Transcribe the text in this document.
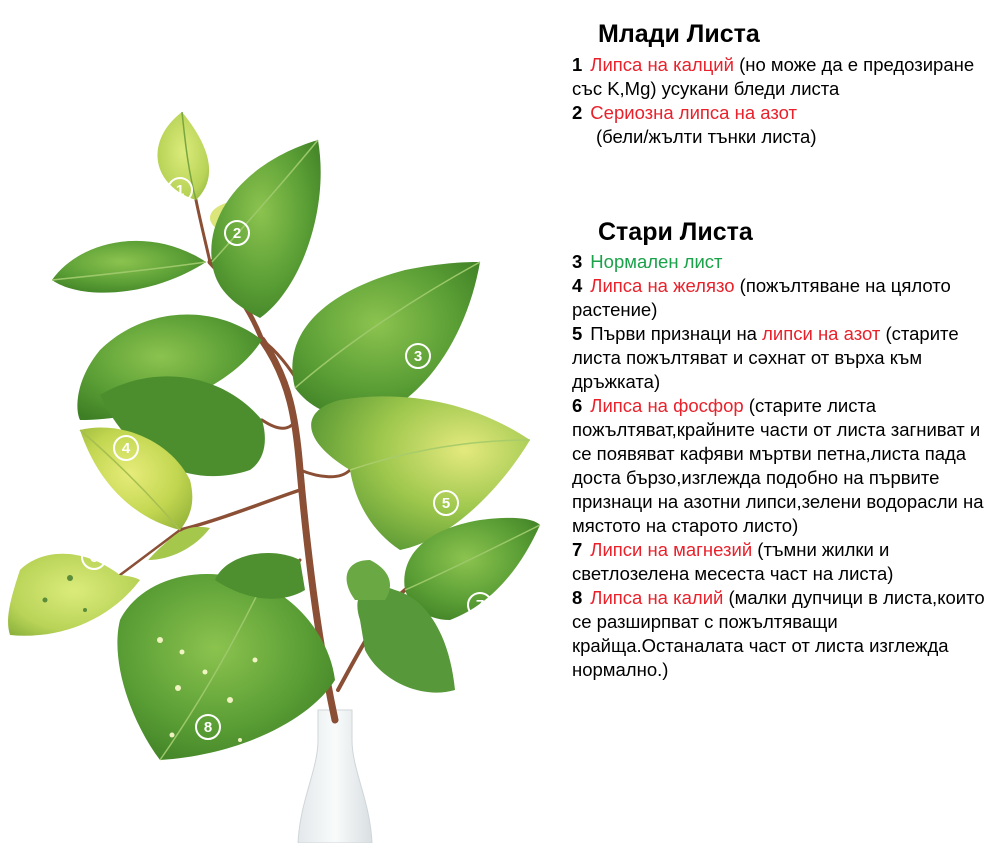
1
2
3
4
5
6
7
8
Млади Листа

1 Липса на калций (но може да е предозиране със K,Mg) усукани бледи листа

2 Сериозна липса на азот
(бели/жълти тънки листа)

Стари Листа

3 Нормален лист

4 Липса на желязо (пожълтяване на цялото растение)

5 Първи признаци на липси на азот (старите листа пожълтяват и сəхнат от върха към дръжката)

6 Липса на фосфор (старите листа пожълтяват,крайните части от листа загниват и се появяват кафяви мъртви петна,листа пада доста бързо,изглежда подобно на първите признаци на азотни липси,зелени водорасли на мястото на старото листо)

7 Липси на магнезий (тъмни жилки и светлозелена месеста част на листа)

8 Липса на калий (малки дупчици в листа,които се разширпват с пожълтяващи крайща.Останалата част от листа изглежда нормално.)
